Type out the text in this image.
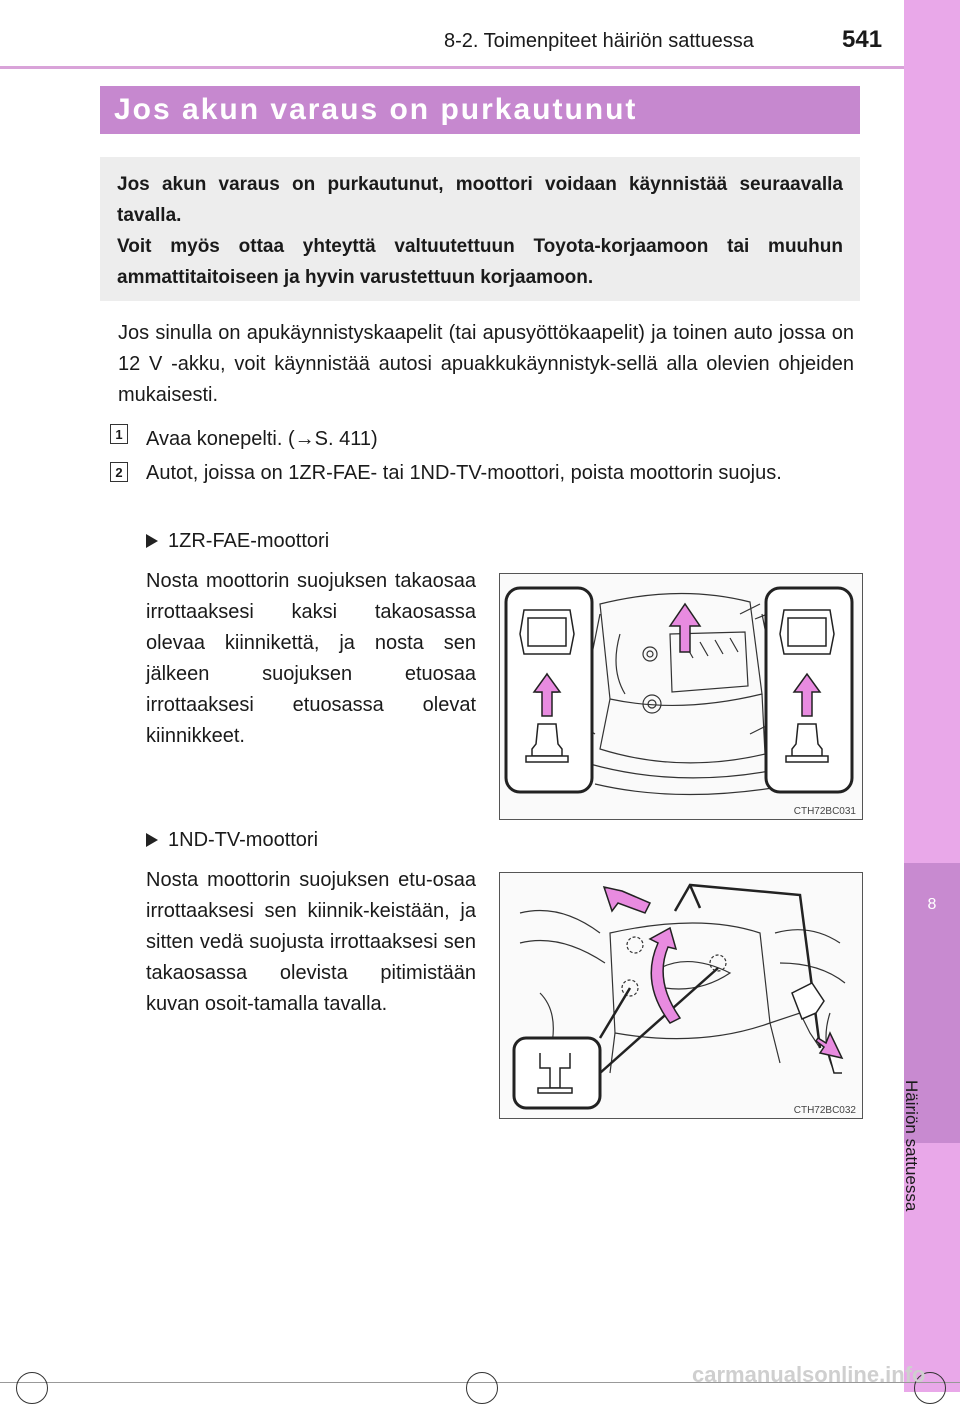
8-2. Toimenpiteet häiriön sattuessa	541
8
Häiriön sattuessa
Jos akun varaus on purkautunut

Jos akun varaus on purkautunut, moottori voidaan käynnistää seuraavalla tavalla.

Voit myös ottaa yhteyttä valtuutettuun Toyota-korjaamoon tai muuhun ammattitaitoiseen ja hyvin varustettuun korjaamoon.

Jos sinulla on apukäynnistyskaapelit (tai apusyöttökaapelit) ja toinen auto jossa on 12 V -akku, voit käynnistää autosi apuakkukäynnistyk-sellä alla olevien ohjeiden mukaisesti.

1 Avaa konepelti. (→S. 411)
2 Autot, joissa on 1ZR-FAE- tai 1ND-TV-moottori, poista moottorin suojus.
1ZR-FAE-moottori

Nosta moottorin suojuksen takaosaa irrottaaksesi kaksi takaosassa olevaa kiinnikettä, ja nosta sen jälkeen suojuksen etuosaa irrottaaksesi etuosassa olevat kiinnikkeet.

CTH72BC031
1ND-TV-moottori

Nosta moottorin suojuksen etu-osaa irrottaaksesi sen kiinnik-keistään, ja sitten vedä suojusta irrottaaksesi sen takaosassa olevista pitimistään kuvan osoit-tamalla tavalla.

CTH72BC032
carmanualsonline.info
